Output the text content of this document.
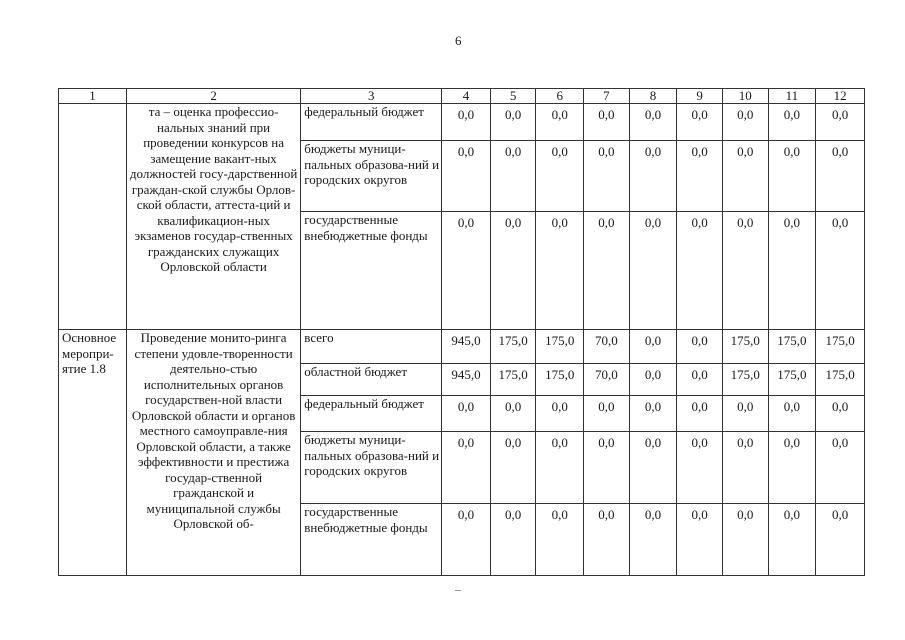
6
1	2	3	4	5	6	7	8	9	10	11	12
	та – оценка профессио-нальных знаний при проведении конкурсов на замещение вакант-ных должностей госу-дарственной граждан-ской службы Орлов-ской области, аттеста-ций и квалификацион-ных экзаменов государ-ственных гражданских служащих Орловской области	федеральный бюджет	0,0	0,0	0,0	0,0	0,0	0,0	0,0	0,0	0,0
		бюджеты муници-пальных образова-ний и городских округов	0,0	0,0	0,0	0,0	0,0	0,0	0,0	0,0	0,0
		государственные внебюджетные фонды	0,0	0,0	0,0	0,0	0,0	0,0	0,0	0,0	0,0
Основное меропри-ятие 1.8	Проведение монито-ринга степени удовле-творенности деятельно-стью исполнительных органов государствен-ной власти Орловской области и органов местного самоуправле-ния Орловской области, а также эффективности и престижа государ-ственной гражданской и муниципальной службы Орловской об-	всего	945,0	175,0	175,0	70,0	0,0	0,0	175,0	175,0	175,0
		областной бюджет	945,0	175,0	175,0	70,0	0,0	0,0	175,0	175,0	175,0
		федеральный бюджет	0,0	0,0	0,0	0,0	0,0	0,0	0,0	0,0	0,0
		бюджеты муници-пальных образова-ний и городских округов	0,0	0,0	0,0	0,0	0,0	0,0	0,0	0,0	0,0
		государственные внебюджетные фонды	0,0	0,0	0,0	0,0	0,0	0,0	0,0	0,0	0,0
